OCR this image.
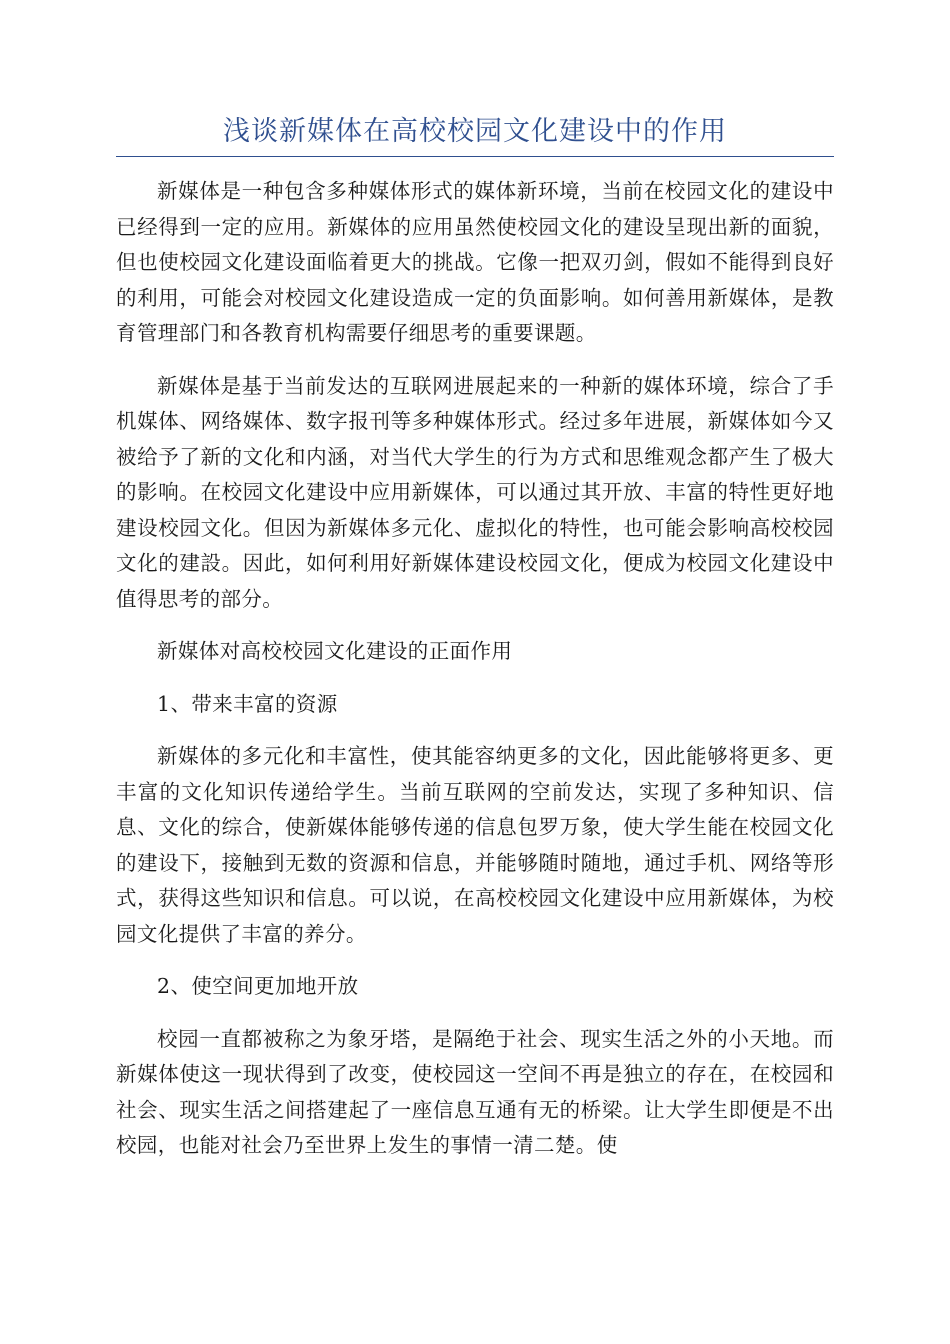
浅谈新媒体在高校校园文化建设中的作用

新媒体是一种包含多种媒体形式的媒体新环境，当前在校园文化的建设中已经得到一定的应用。新媒体的应用虽然使校园文化的建设呈现出新的面貌，但也使校园文化建设面临着更大的挑战。它像一把双刃剑，假如不能得到良好的利用，可能会对校园文化建设造成一定的负面影响。如何善用新媒体，是教育管理部门和各教育机构需要仔细思考的重要课题。

新媒体是基于当前发达的互联网进展起来的一种新的媒体环境，综合了手机媒体、网络媒体、数字报刊等多种媒体形式。经过多年进展，新媒体如今又被给予了新的文化和内涵，对当代大学生的行为方式和思维观念都产生了极大的影响。在校园文化建设中应用新媒体，可以通过其开放、丰富的特性更好地建设校园文化。但因为新媒体多元化、虚拟化的特性，也可能会影响高校校园文化的建設。因此，如何利用好新媒体建设校园文化，便成为校园文化建设中值得思考的部分。

新媒体对高校校园文化建设的正面作用

1、带来丰富的资源

新媒体的多元化和丰富性，使其能容纳更多的文化，因此能够将更多、更丰富的文化知识传递给学生。当前互联网的空前发达，实现了多种知识、信息、文化的综合，使新媒体能够传递的信息包罗万象，使大学生能在校园文化的建设下，接触到无数的资源和信息，并能够随时随地，通过手机、网络等形式，获得这些知识和信息。可以说，在高校校园文化建设中应用新媒体，为校园文化提供了丰富的养分。

2、使空间更加地开放

校园一直都被称之为象牙塔，是隔绝于社会、现实生活之外的小天地。而新媒体使这一现状得到了改变，使校园这一空间不再是独立的存在，在校园和社会、现实生活之间搭建起了一座信息互通有无的桥梁。让大学生即便是不出校园，也能对社会乃至世界上发生的事情一清二楚。使
